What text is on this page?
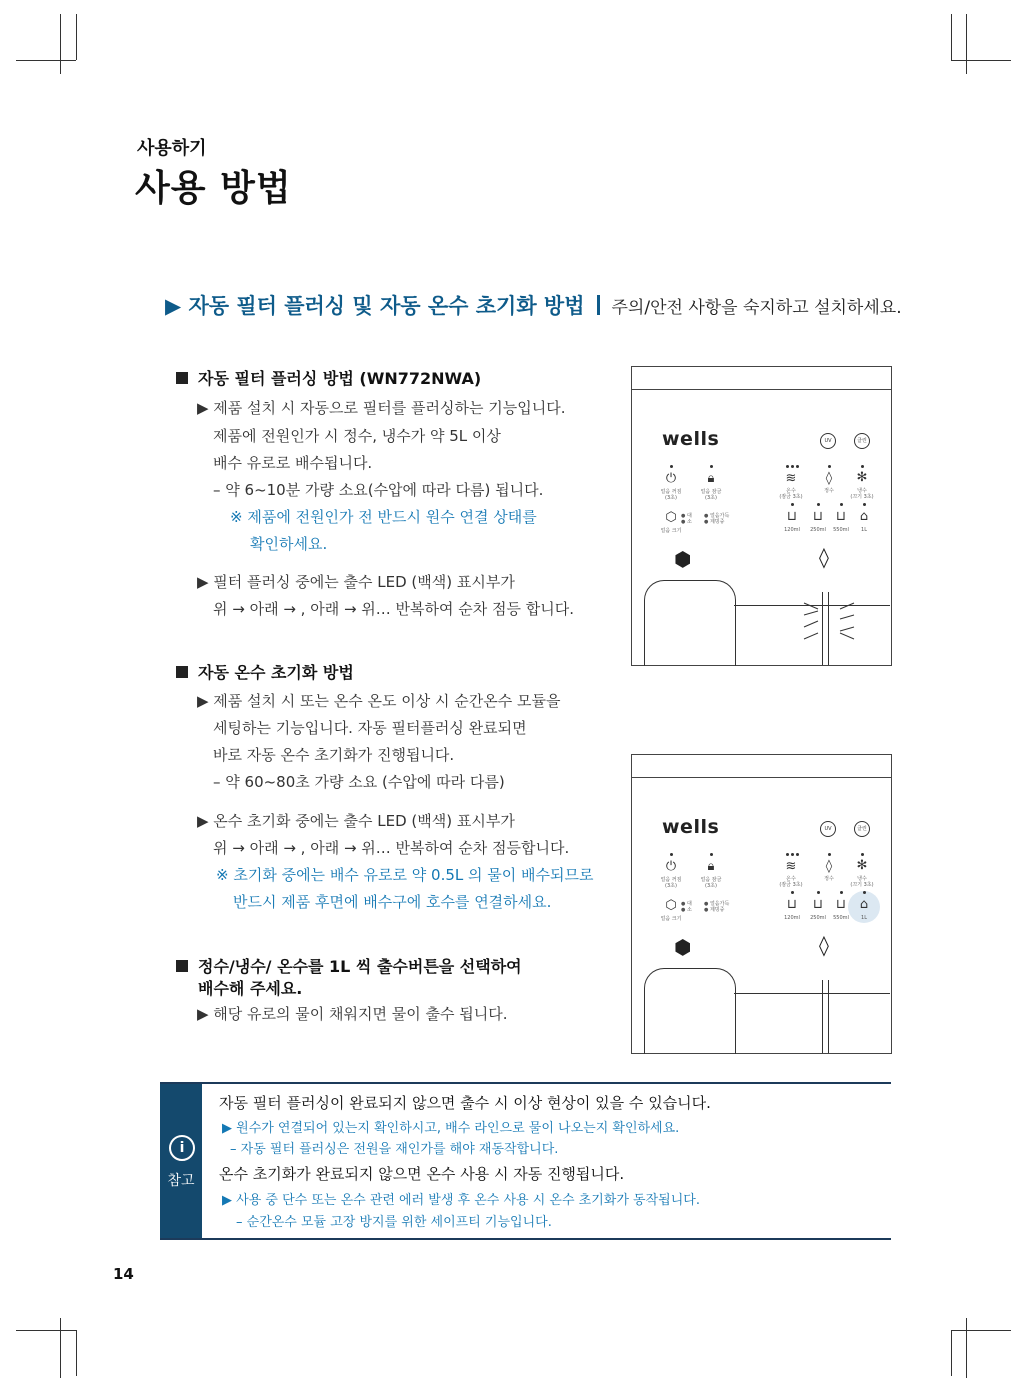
사용하기
사용 방법
▶ 자동 필터 플러싱 및 자동 온수 초기화 방법 주의/안전 사항을 숙지하고 설치하세요.
자동 필터 플러싱 방법 (WN772NWA)
▶ 제품 설치 시 자동으로 필터를 플러싱하는 기능입니다.
제품에 전원인가 시 정수, 냉수가 약 5L 이상
배수 유로로 배수됩니다.
– 약 6~10분 가량 소요(수압에 따라 다름) 됩니다.
※ 제품에 전원인가 전 반드시 원수 연결 상태를
확인하세요.
▶ 필터 플러싱 중에는 출수 LED (백색) 표시부가
위 → 아래 → , 아래 → 위… 반복하여 순차 점등 합니다.
자동 온수 초기화 방법
▶ 제품 설치 시 또는 온수 온도 이상 시 순간온수 모듈을
세팅하는 기능입니다. 자동 필터플러싱 완료되면
바로 자동 온수 초기화가 진행됩니다.
– 약 60~80초 가량 소요 (수압에 따라 다름)
▶ 온수 초기화 중에는 출수 LED (백색) 표시부가
위 → 아래 → , 아래 → 위… 반복하여 순차 점등합니다.
※ 초기화 중에는 배수 유로로 약 0.5L 의 물이 배수되므로
반드시 제품 후면에 배수구에 호수를 연결하세요.
정수/냉수/ 온수를 1L 씩 출수버튼을 선택하여
배수해 주세요.
▶ 해당 유로의 물이 채워지면 물이 출수 됩니다.
wells	UV	클린
⏻
얼음 꺼짐
(3초)
🔒︎
얼음 잠금
(3초)
⬡ ● 대
● 소
얼음 크기
● 얼음가득
● 제빙중
≋
온수
(잠금 3초)
◊
정수
✻
냉수
(끄기 3초)
⊔
120ml
⊔
250ml
⊔
550ml
⌂
1L
⬢	◊
wells	UV	클린
⏻
얼음 꺼짐
(3초)
🔒︎
얼음 잠금
(3초)
⬡ ● 대
● 소
얼음 크기
● 얼음가득
● 제빙중
≋
온수
(잠금 3초)
◊
정수
✻
냉수
(끄기 3초)
⊔
120ml
⊔
250ml
⊔
550ml
⌂
1L
⬢	◊
i
참고
자동 필터 플러싱이 완료되지 않으면 출수 시 이상 현상이 있을 수 있습니다.
▶ 원수가 연결되어 있는지 확인하시고, 배수 라인으로 물이 나오는지 확인하세요.
– 자동 필터 플러싱은 전원을 재인가를 해야 재동작합니다.
온수 초기화가 완료되지 않으면 온수 사용 시 자동 진행됩니다.
▶ 사용 중 단수 또는 온수 관련 에러 발생 후 온수 사용 시 온수 초기화가 동작됩니다.
– 순간온수 모듈 고장 방지를 위한 세이프티 기능입니다.
14
